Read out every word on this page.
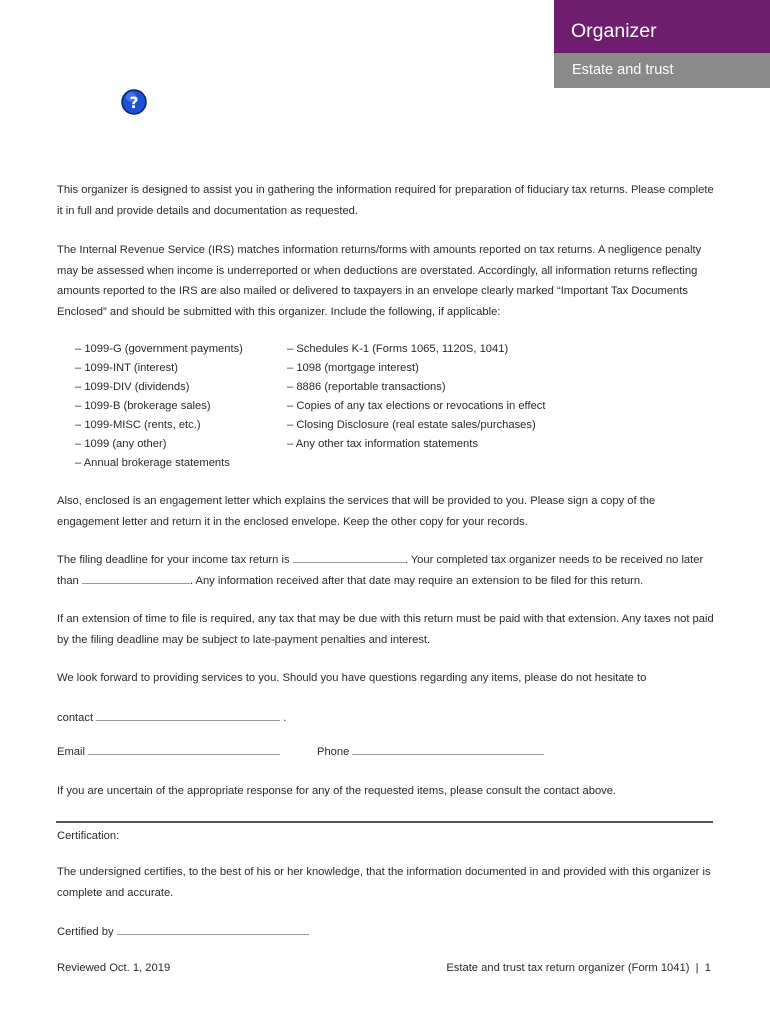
Organizer
Estate and trust
?

This organizer is designed to assist you in gathering the information required for preparation of fiduciary tax returns. Please complete it in full and provide details and documentation as requested.

The Internal Revenue Service (IRS) matches information returns/forms with amounts reported on tax returns. A negligence penalty may be assessed when income is underreported or when deductions are overstated. Accordingly, all information returns reflecting amounts reported to the IRS are also mailed or delivered to taxpayers in an envelope clearly marked “Important Tax Documents Enclosed” and should be submitted with this organizer. Include the following, if applicable:

– 1099-G (government payments)
– 1099-INT (interest)
– 1099-DIV (dividends)
– 1099-B (brokerage sales)
– 1099-MISC (rents, etc.)
– 1099 (any other)
– Annual brokerage statements
– Schedules K-1 (Forms 1065, 1120S, 1041)
– 1098 (mortgage interest)
– 8886 (reportable transactions)
– Copies of any tax elections or revocations in effect
– Closing Disclosure (real estate sales/purchases)
– Any other tax information statements

Also, enclosed is an engagement letter which explains the services that will be provided to you. Please sign a copy of the engagement letter and return it in the enclosed envelope. Keep the other copy for your records.

The filing deadline for your income tax return is	. Your completed tax organizer needs to be received no later than	. Any information received after that date may require an extension to be filed for this return.

If an extension of time to file is required, any tax that may be due with this return must be paid with that extension. Any taxes not paid by the filing deadline may be subject to late-payment penalties and interest.

We look forward to providing services to you. Should you have questions regarding any items, please do not hesitate to

contact	.
Email	Phone

If you are uncertain of the appropriate response for any of the requested items, please consult the contact above.

Certification:

The undersigned certifies, to the best of his or her knowledge, that the information documented in and provided with this organizer is complete and accurate.

Certified by
Reviewed Oct. 1, 2019	Estate and trust tax return organizer (Form 1041)  |  1
